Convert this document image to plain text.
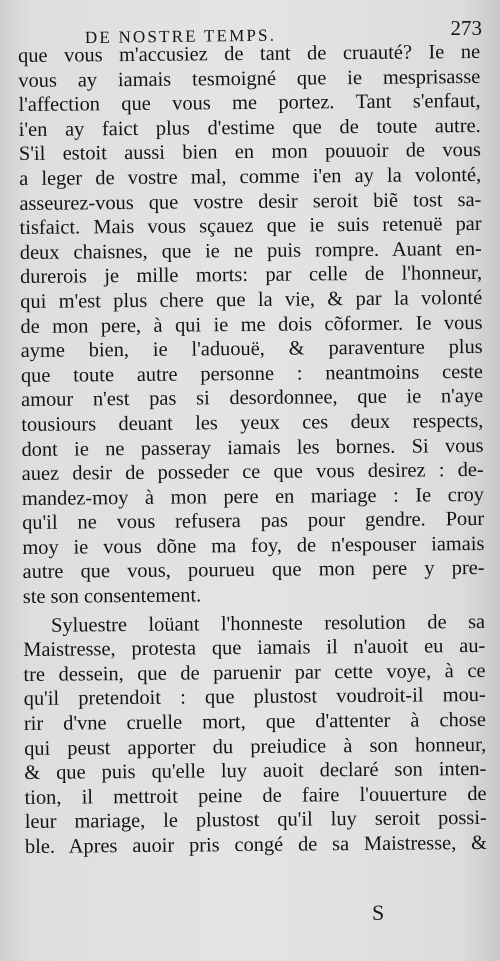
DE NOSTRE TEMPS.	273
que vous m'accusiez de tant de cruauté? Ie ne
vous ay iamais tesmoigné que ie mesprisasse
l'affection que vous me portez. Tant s'enfaut,
i'en ay faict plus d'estime que de toute autre.
S'il estoit aussi bien en mon pouuoir de vous
a leger de vostre mal, comme i'en ay la volonté,
asseurez-vous que vostre desir seroit biẽ tost sa-
tisfaict. Mais vous sçauez que ie suis retenuë par
deux chaisnes, que ie ne puis rompre. Auant en-
durerois je mille morts: par celle de l'honneur,
qui m'est plus chere que la vie, & par la volonté
de mon pere, à qui ie me dois cõformer. Ie vous
ayme bien, ie l'aduouë, & paraventure plus
que toute autre personne : neantmoins ceste
amour n'est pas si desordonnee, que ie n'aye
tousiours deuant les yeux ces deux respects,
dont ie ne passeray iamais les bornes. Si vous
auez desir de posseder ce que vous desirez : de-
mandez-moy à mon pere en mariage : Ie croy
qu'il ne vous refusera pas pour gendre. Pour
moy ie vous dõne ma foy, de n'espouser iamais
autre que vous, pourueu que mon pere y pre-
ste son consentement.
Syluestre loüant l'honneste resolution de sa
Maistresse, protesta que iamais il n'auoit eu au-
tre dessein, que de paruenir par cette voye, à ce
qu'il pretendoit : que plustost voudroit-il mou-
rir d'vne cruelle mort, que d'attenter à chose
qui peust apporter du preiudice à son honneur,
& que puis qu'elle luy auoit declaré son inten-
tion, il mettroit peine de faire l'ouuerture de
leur mariage, le plustost qu'il luy seroit possi-
ble. Apres auoir pris congé de sa Maistresse, &
S
